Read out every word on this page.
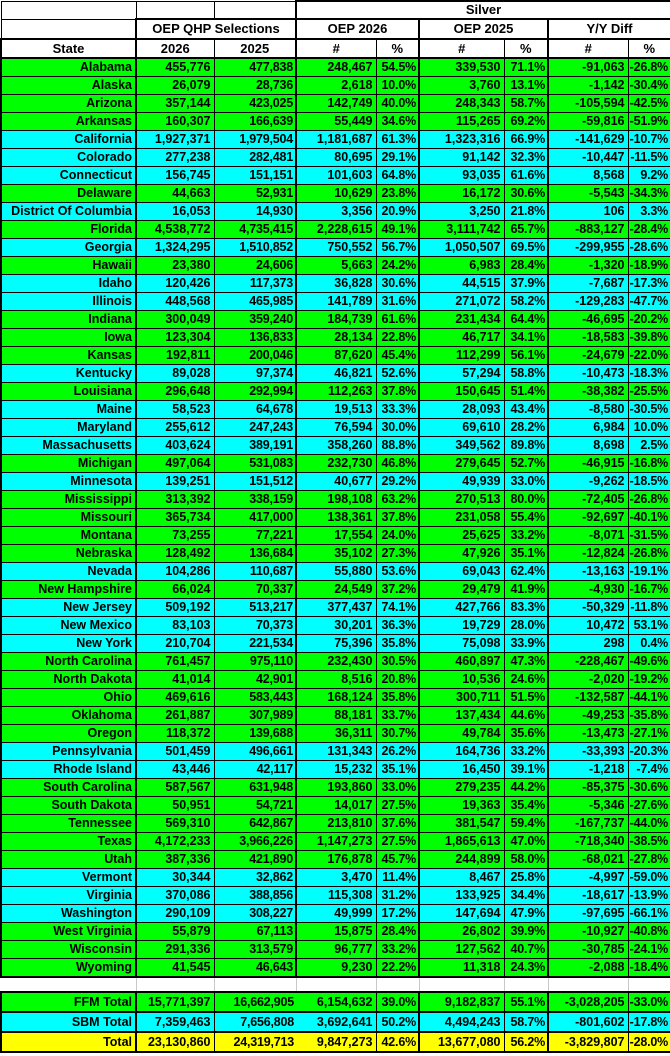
			Silver					
	OEP QHP Selections		OEP 2026		OEP 2025		Y/Y Diff	
State	2026	2025	#	%	#	%	#	%
Alabama	455,776	477,838	248,467	54.5%	339,530	71.1%	-91,063	-26.8%
Alaska	26,079	28,736	2,618	10.0%	3,760	13.1%	-1,142	-30.4%
Arizona	357,144	423,025	142,749	40.0%	248,343	58.7%	-105,594	-42.5%
Arkansas	160,307	166,639	55,449	34.6%	115,265	69.2%	-59,816	-51.9%
California	1,927,371	1,979,504	1,181,687	61.3%	1,323,316	66.9%	-141,629	-10.7%
Colorado	277,238	282,481	80,695	29.1%	91,142	32.3%	-10,447	-11.5%
Connecticut	156,745	151,151	101,603	64.8%	93,035	61.6%	8,568	9.2%
Delaware	44,663	52,931	10,629	23.8%	16,172	30.6%	-5,543	-34.3%
District Of Columbia	16,053	14,930	3,356	20.9%	3,250	21.8%	106	3.3%
Florida	4,538,772	4,735,415	2,228,615	49.1%	3,111,742	65.7%	-883,127	-28.4%
Georgia	1,324,295	1,510,852	750,552	56.7%	1,050,507	69.5%	-299,955	-28.6%
Hawaii	23,380	24,606	5,663	24.2%	6,983	28.4%	-1,320	-18.9%
Idaho	120,426	117,373	36,828	30.6%	44,515	37.9%	-7,687	-17.3%
Illinois	448,568	465,985	141,789	31.6%	271,072	58.2%	-129,283	-47.7%
Indiana	300,049	359,240	184,739	61.6%	231,434	64.4%	-46,695	-20.2%
Iowa	123,304	136,833	28,134	22.8%	46,717	34.1%	-18,583	-39.8%
Kansas	192,811	200,046	87,620	45.4%	112,299	56.1%	-24,679	-22.0%
Kentucky	89,028	97,374	46,821	52.6%	57,294	58.8%	-10,473	-18.3%
Louisiana	296,648	292,994	112,263	37.8%	150,645	51.4%	-38,382	-25.5%
Maine	58,523	64,678	19,513	33.3%	28,093	43.4%	-8,580	-30.5%
Maryland	255,612	247,243	76,594	30.0%	69,610	28.2%	6,984	10.0%
Massachusetts	403,624	389,191	358,260	88.8%	349,562	89.8%	8,698	2.5%
Michigan	497,064	531,083	232,730	46.8%	279,645	52.7%	-46,915	-16.8%
Minnesota	139,251	151,512	40,677	29.2%	49,939	33.0%	-9,262	-18.5%
Mississippi	313,392	338,159	198,108	63.2%	270,513	80.0%	-72,405	-26.8%
Missouri	365,734	417,000	138,361	37.8%	231,058	55.4%	-92,697	-40.1%
Montana	73,255	77,221	17,554	24.0%	25,625	33.2%	-8,071	-31.5%
Nebraska	128,492	136,684	35,102	27.3%	47,926	35.1%	-12,824	-26.8%
Nevada	104,286	110,687	55,880	53.6%	69,043	62.4%	-13,163	-19.1%
New Hampshire	66,024	70,337	24,549	37.2%	29,479	41.9%	-4,930	-16.7%
New Jersey	509,192	513,217	377,437	74.1%	427,766	83.3%	-50,329	-11.8%
New Mexico	83,103	70,373	30,201	36.3%	19,729	28.0%	10,472	53.1%
New York	210,704	221,534	75,396	35.8%	75,098	33.9%	298	0.4%
North Carolina	761,457	975,110	232,430	30.5%	460,897	47.3%	-228,467	-49.6%
North Dakota	41,014	42,901	8,516	20.8%	10,536	24.6%	-2,020	-19.2%
Ohio	469,616	583,443	168,124	35.8%	300,711	51.5%	-132,587	-44.1%
Oklahoma	261,887	307,989	88,181	33.7%	137,434	44.6%	-49,253	-35.8%
Oregon	118,372	139,688	36,311	30.7%	49,784	35.6%	-13,473	-27.1%
Pennsylvania	501,459	496,661	131,343	26.2%	164,736	33.2%	-33,393	-20.3%
Rhode Island	43,446	42,117	15,232	35.1%	16,450	39.1%	-1,218	-7.4%
South Carolina	587,567	631,948	193,860	33.0%	279,235	44.2%	-85,375	-30.6%
South Dakota	50,951	54,721	14,017	27.5%	19,363	35.4%	-5,346	-27.6%
Tennessee	569,310	642,867	213,810	37.6%	381,547	59.4%	-167,737	-44.0%
Texas	4,172,233	3,966,226	1,147,273	27.5%	1,865,613	47.0%	-718,340	-38.5%
Utah	387,336	421,890	176,878	45.7%	244,899	58.0%	-68,021	-27.8%
Vermont	30,344	32,862	3,470	11.4%	8,467	25.8%	-4,997	-59.0%
Virginia	370,086	388,856	115,308	31.2%	133,925	34.4%	-18,617	-13.9%
Washington	290,109	308,227	49,999	17.2%	147,694	47.9%	-97,695	-66.1%
West Virginia	55,879	67,113	15,875	28.4%	26,802	39.9%	-10,927	-40.8%
Wisconsin	291,336	313,579	96,777	33.2%	127,562	40.7%	-30,785	-24.1%
Wyoming	41,545	46,643	9,230	22.2%	11,318	24.3%	-2,088	-18.4%

FFM Total	15,771,397	16,662,905	6,154,632	39.0%	9,182,837	55.1%	-3,028,205	-33.0%
SBM Total	7,359,463	7,656,808	3,692,641	50.2%	4,494,243	58.7%	-801,602	-17.8%
Total	23,130,860	24,319,713	9,847,273	42.6%	13,677,080	56.2%	-3,829,807	-28.0%
